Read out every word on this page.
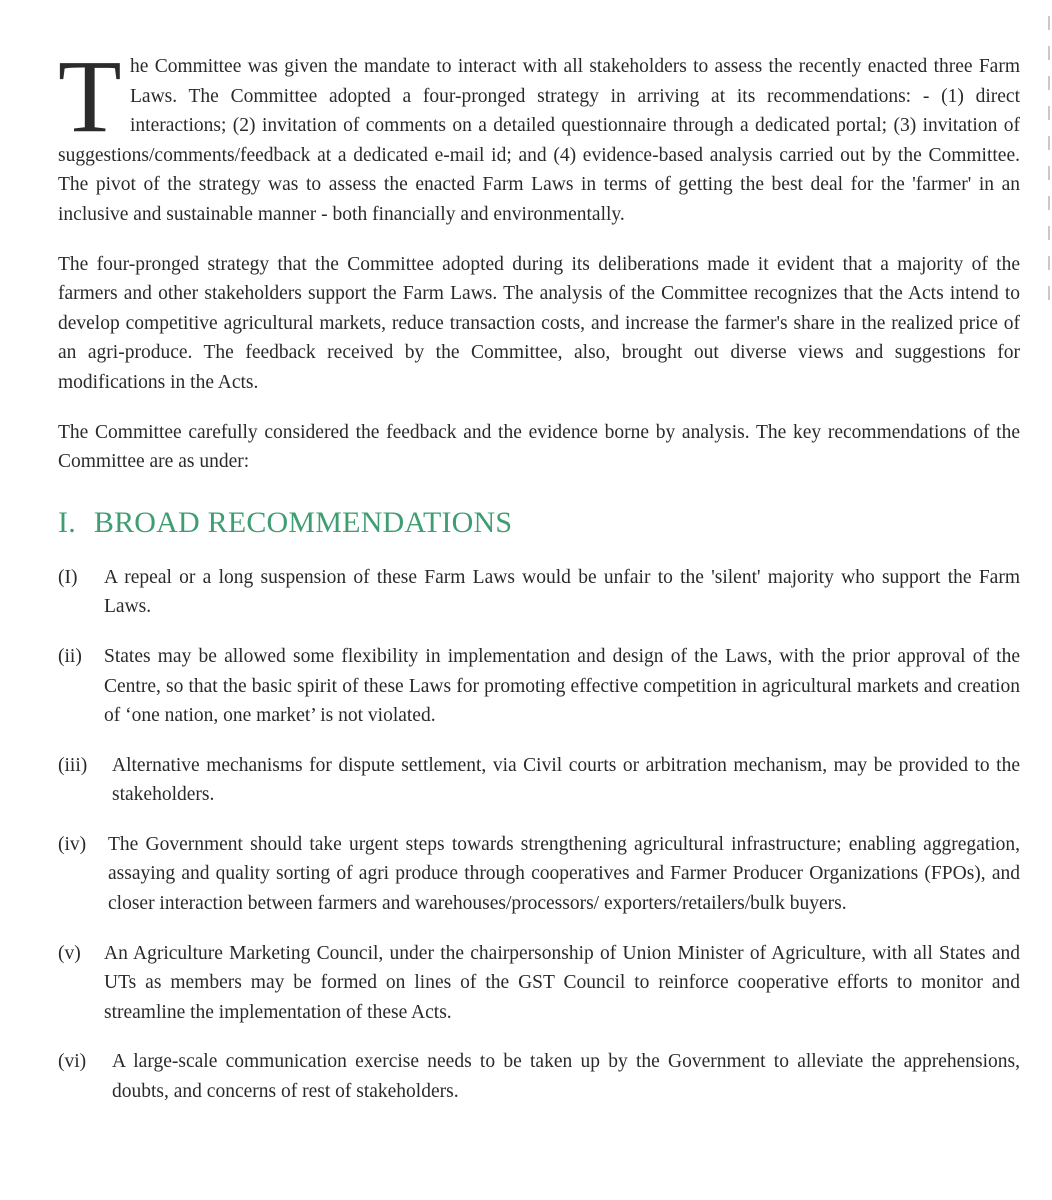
T he Committee was given the mandate to interact with all stakeholders to assess the recently enacted three Farm Laws. The Committee adopted a four-pronged strategy in arriving at its recommendations: - (1) direct interactions; (2) invitation of comments on a detailed questionnaire through a dedicated portal; (3) invitation of suggestions/comments/feedback at a dedicated e-mail id; and (4) evidence-based analysis carried out by the Committee. The pivot of the strategy was to assess the enacted Farm Laws in terms of getting the best deal for the 'farmer' in an inclusive and sustainable manner - both financially and environmentally.

The four-pronged strategy that the Committee adopted during its deliberations made it evident that a majority of the farmers and other stakeholders support the Farm Laws. The analysis of the Committee recognizes that the Acts intend to develop competitive agricultural markets, reduce transaction costs, and increase the farmer's share in the realized price of an agri-produce. The feedback received by the Committee, also, brought out diverse views and suggestions for modifications in the Acts.

The Committee carefully considered the feedback and the evidence borne by analysis. The key recommendations of the Committee are as under:

I. BROAD RECOMMENDATIONS
(I) A repeal or a long suspension of these Farm Laws would be unfair to the 'silent' majority who support the Farm Laws.

(ii) States may be allowed some flexibility in implementation and design of the Laws, with the prior approval of the Centre, so that the basic spirit of these Laws for promoting effective competition in agricultural markets and creation of ‘one nation, one market’ is not violated.

(iii) Alternative mechanisms for dispute settlement, via Civil courts or arbitration mechanism, may be provided to the stakeholders.

(iv) The Government should take urgent steps towards strengthening agricultural infrastructure; enabling aggregation, assaying and quality sorting of agri produce through cooperatives and Farmer Producer Organizations (FPOs), and closer interaction between farmers and warehouses/processors/ exporters/retailers/bulk buyers.

(v) An Agriculture Marketing Council, under the chairpersonship of Union Minister of Agriculture, with all States and UTs as members may be formed on lines of the GST Council to reinforce cooperative efforts to monitor and streamline the implementation of these Acts.

(vi) A large-scale communication exercise needs to be taken up by the Government to alleviate the apprehensions, doubts, and concerns of rest of stakeholders.
